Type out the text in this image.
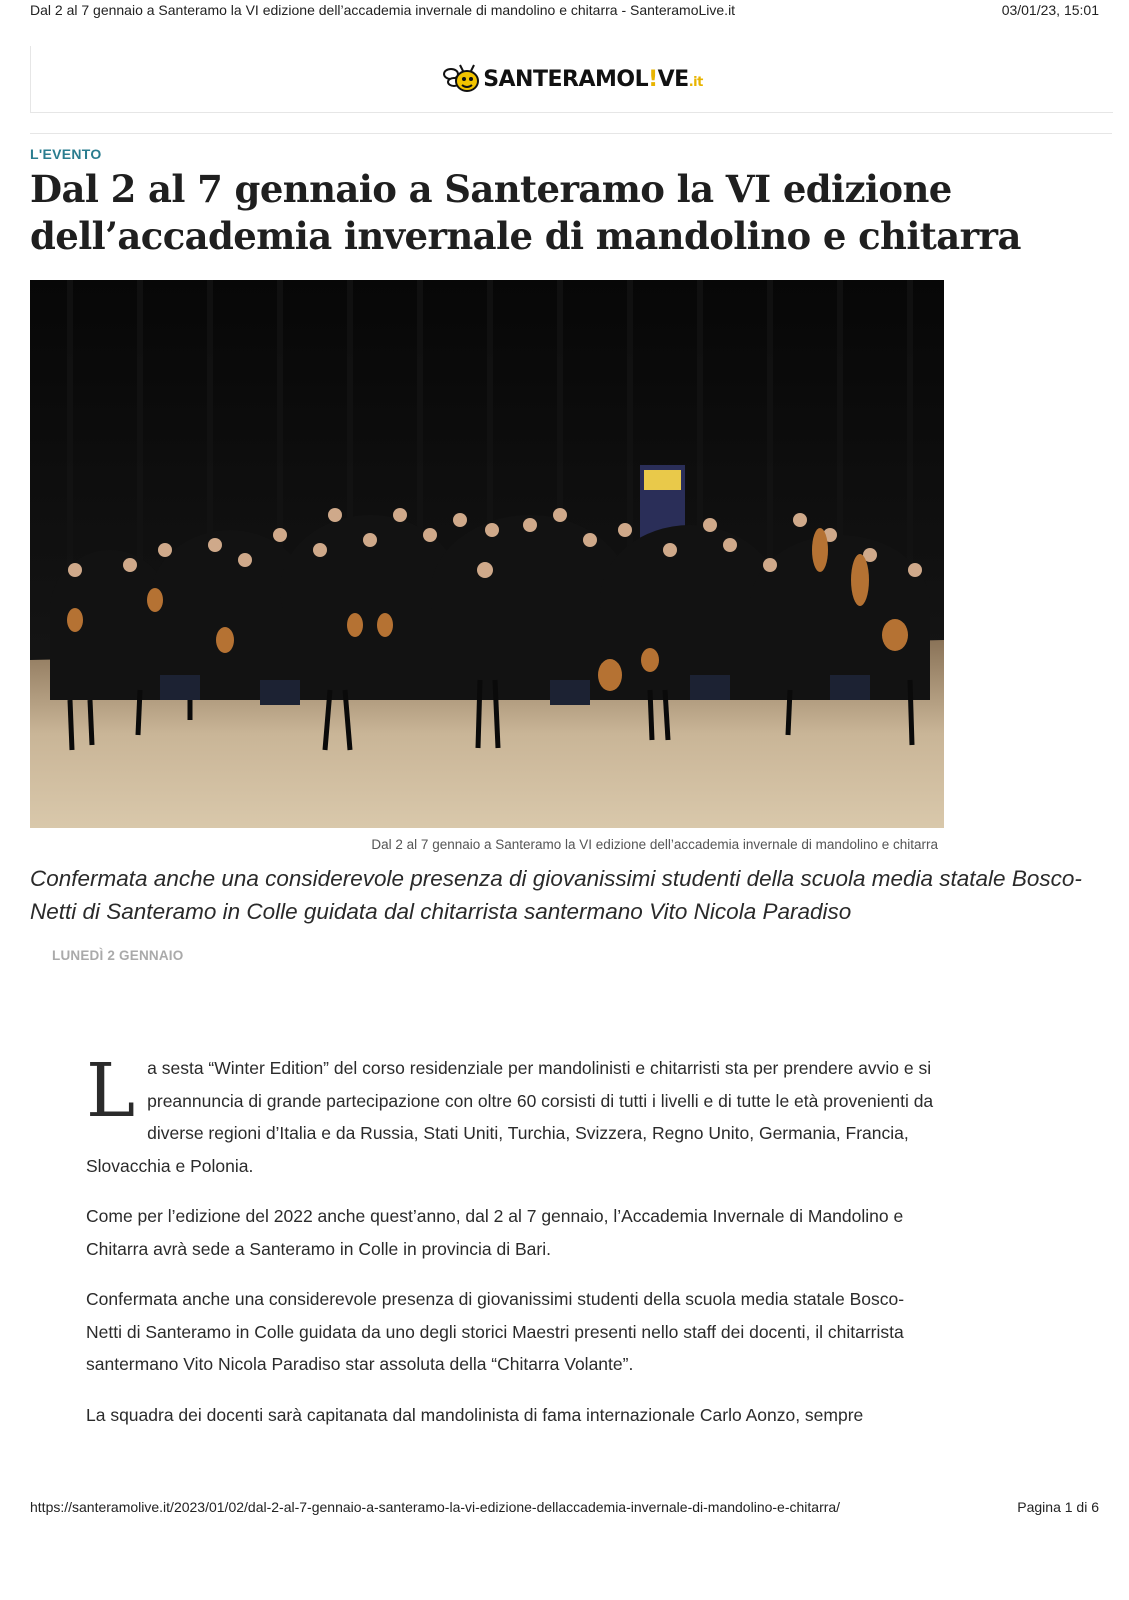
Dal 2 al 7 gennaio a Santeramo la VI edizione dell’accademia invernale di mandolino e chitarra - SanteramoLive.it	03/01/23, 15:01
SANTERAMOL!VE.it
L'EVENTO
Dal 2 al 7 gennaio a Santeramo la VI edizione dell’accademia invernale di mandolino e chitarra
Dal 2 al 7 gennaio a Santeramo la VI edizione dell’accademia invernale di mandolino e chitarra

Confermata anche una considerevole presenza di giovanissimi studenti della scuola media statale Bosco-Netti di Santeramo in Colle guidata dal chitarrista santermano Vito Nicola Paradiso

LUNEDÌ 2 GENNAIO

La sesta “Winter Edition” del corso residenziale per mandolinisti e chitarristi sta per prendere avvio e si preannuncia di grande partecipazione con oltre 60 corsisti di tutti i livelli e di tutte le età provenienti da diverse regioni d’Italia e da Russia, Stati Uniti, Turchia, Svizzera, Regno Unito, Germania, Francia, Slovacchia e Polonia.

Come per l’edizione del 2022 anche quest’anno, dal 2 al 7 gennaio, l’Accademia Invernale di Mandolino e Chitarra avrà sede a Santeramo in Colle in provincia di Bari.

Confermata anche una considerevole presenza di giovanissimi studenti della scuola media statale Bosco-Netti di Santeramo in Colle guidata da uno degli storici Maestri presenti nello staff dei docenti, il chitarrista santermano Vito Nicola Paradiso star assoluta della “Chitarra Volante”.

La squadra dei docenti sarà capitanata dal mandolinista di fama internazionale Carlo Aonzo, sempre

https://santeramolive.it/2023/01/02/dal-2-al-7-gennaio-a-santeramo-la-vi-edizione-dellaccademia-invernale-di-mandolino-e-chitarra/	Pagina 1 di 6
